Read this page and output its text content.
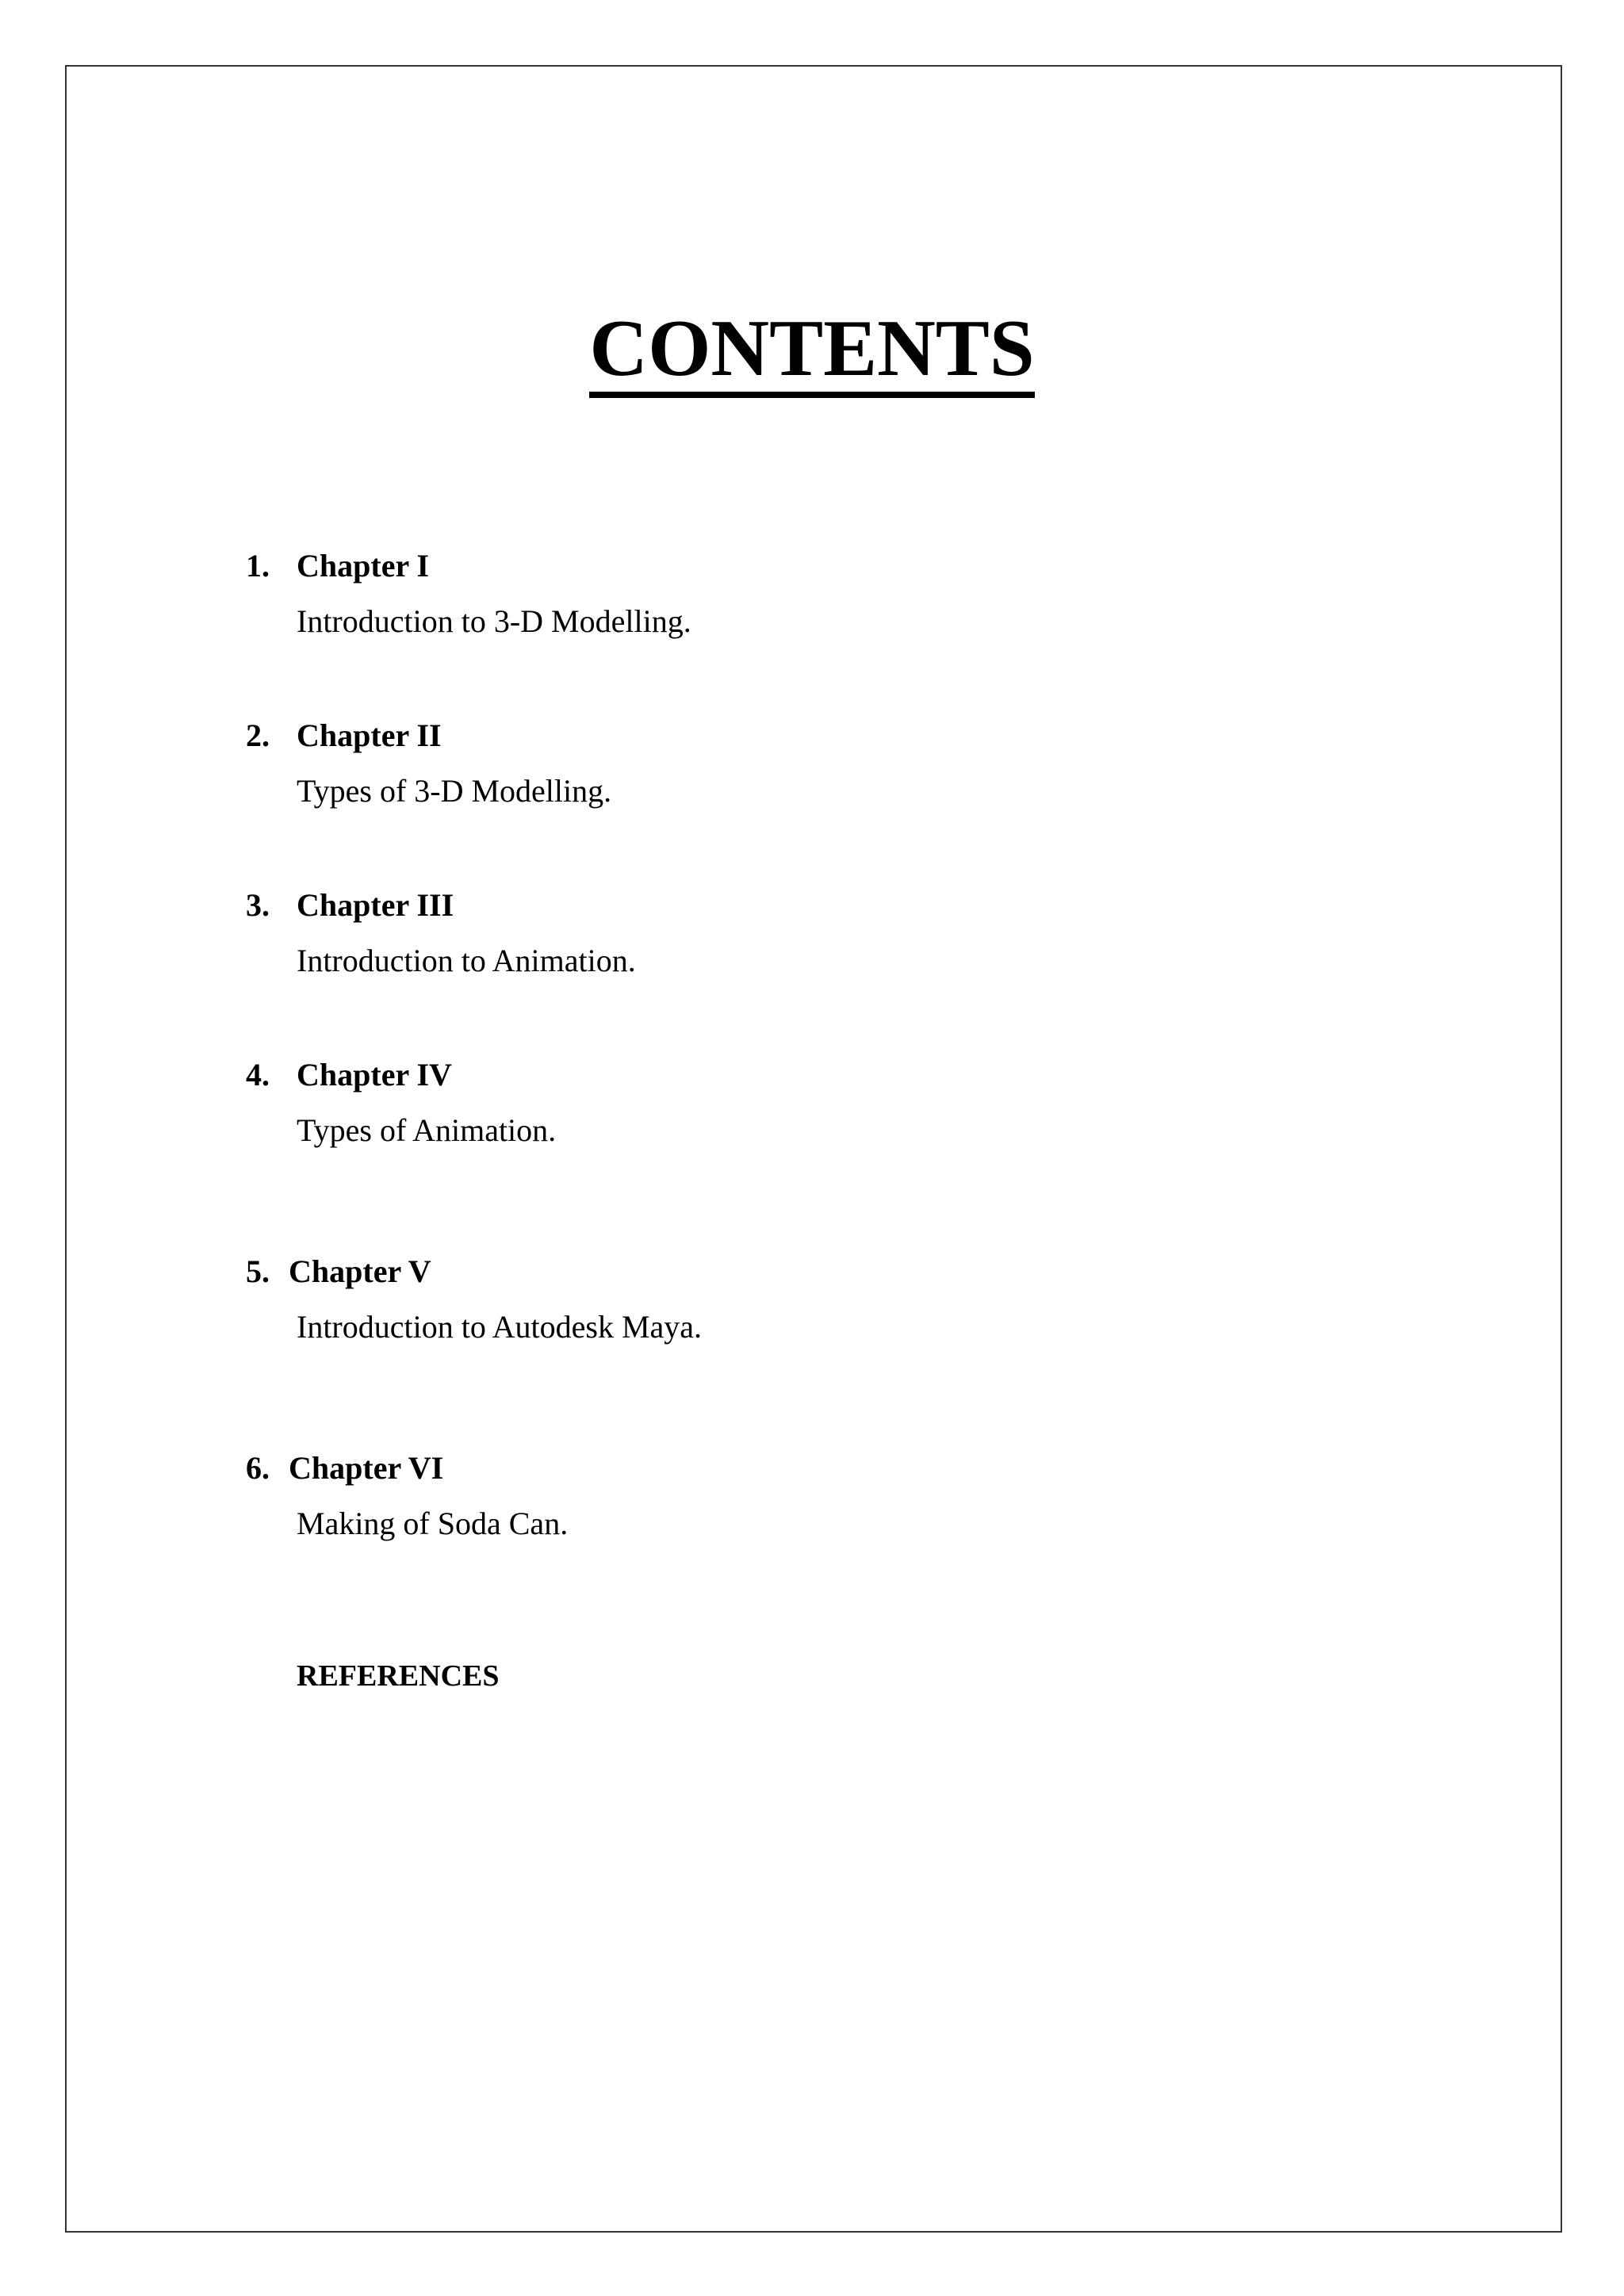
CONTENTS
1. Chapter I
Introduction to 3-D Modelling.
2. Chapter II
Types of 3-D Modelling.
3. Chapter III
Introduction to Animation.
4. Chapter IV
Types of Animation.
5. Chapter V
Introduction to Autodesk Maya.
6. Chapter VI
Making of Soda Can.
REFERENCES
